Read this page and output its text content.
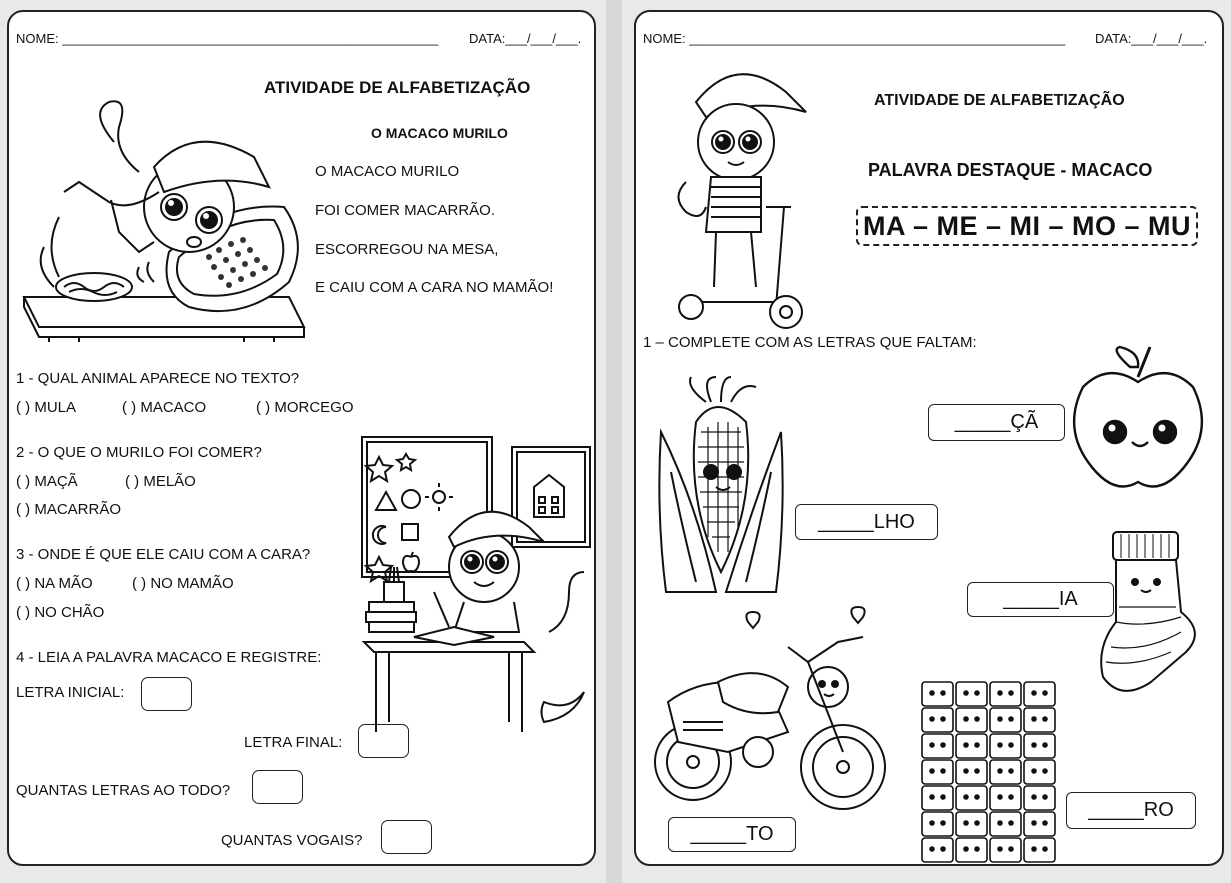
NOME: ____________________________________________________ DATA:___/___/___.
ATIVIDADE DE ALFABETIZAÇÃO
O MACACO MURILO
O MACACO MURILO
FOI COMER MACARRÃO.
ESCORREGOU NA MESA,
E CAIU COM A CARA NO MAMÃO!
1 - QUAL ANIMAL APARECE NO TEXTO?
( ) MULA	( ) MACACO	( ) MORCEGO
2 - O QUE O MURILO FOI COMER?
( ) MAÇÃ	( ) MELÃO
( ) MACARRÃO
3 - ONDE É QUE ELE CAIU COM A CARA?
( ) NA MÃO	( ) NO MAMÃO
( ) NO CHÃO
4 - LEIA A PALAVRA MACACO E REGISTRE:
LETRA INICIAL:
LETRA FINAL:
QUANTAS LETRAS AO TODO?
QUANTAS VOGAIS?
NOME: ____________________________________________________ DATA:___/___/___.
ATIVIDADE DE ALFABETIZAÇÃO
PALAVRA DESTAQUE - MACACO
MA – ME – MI – MO – MU
1 – COMPLETE COM AS LETRAS QUE FALTAM:
_____LHO
_____ÇÃ
_____IA
_____TO
_____RO
